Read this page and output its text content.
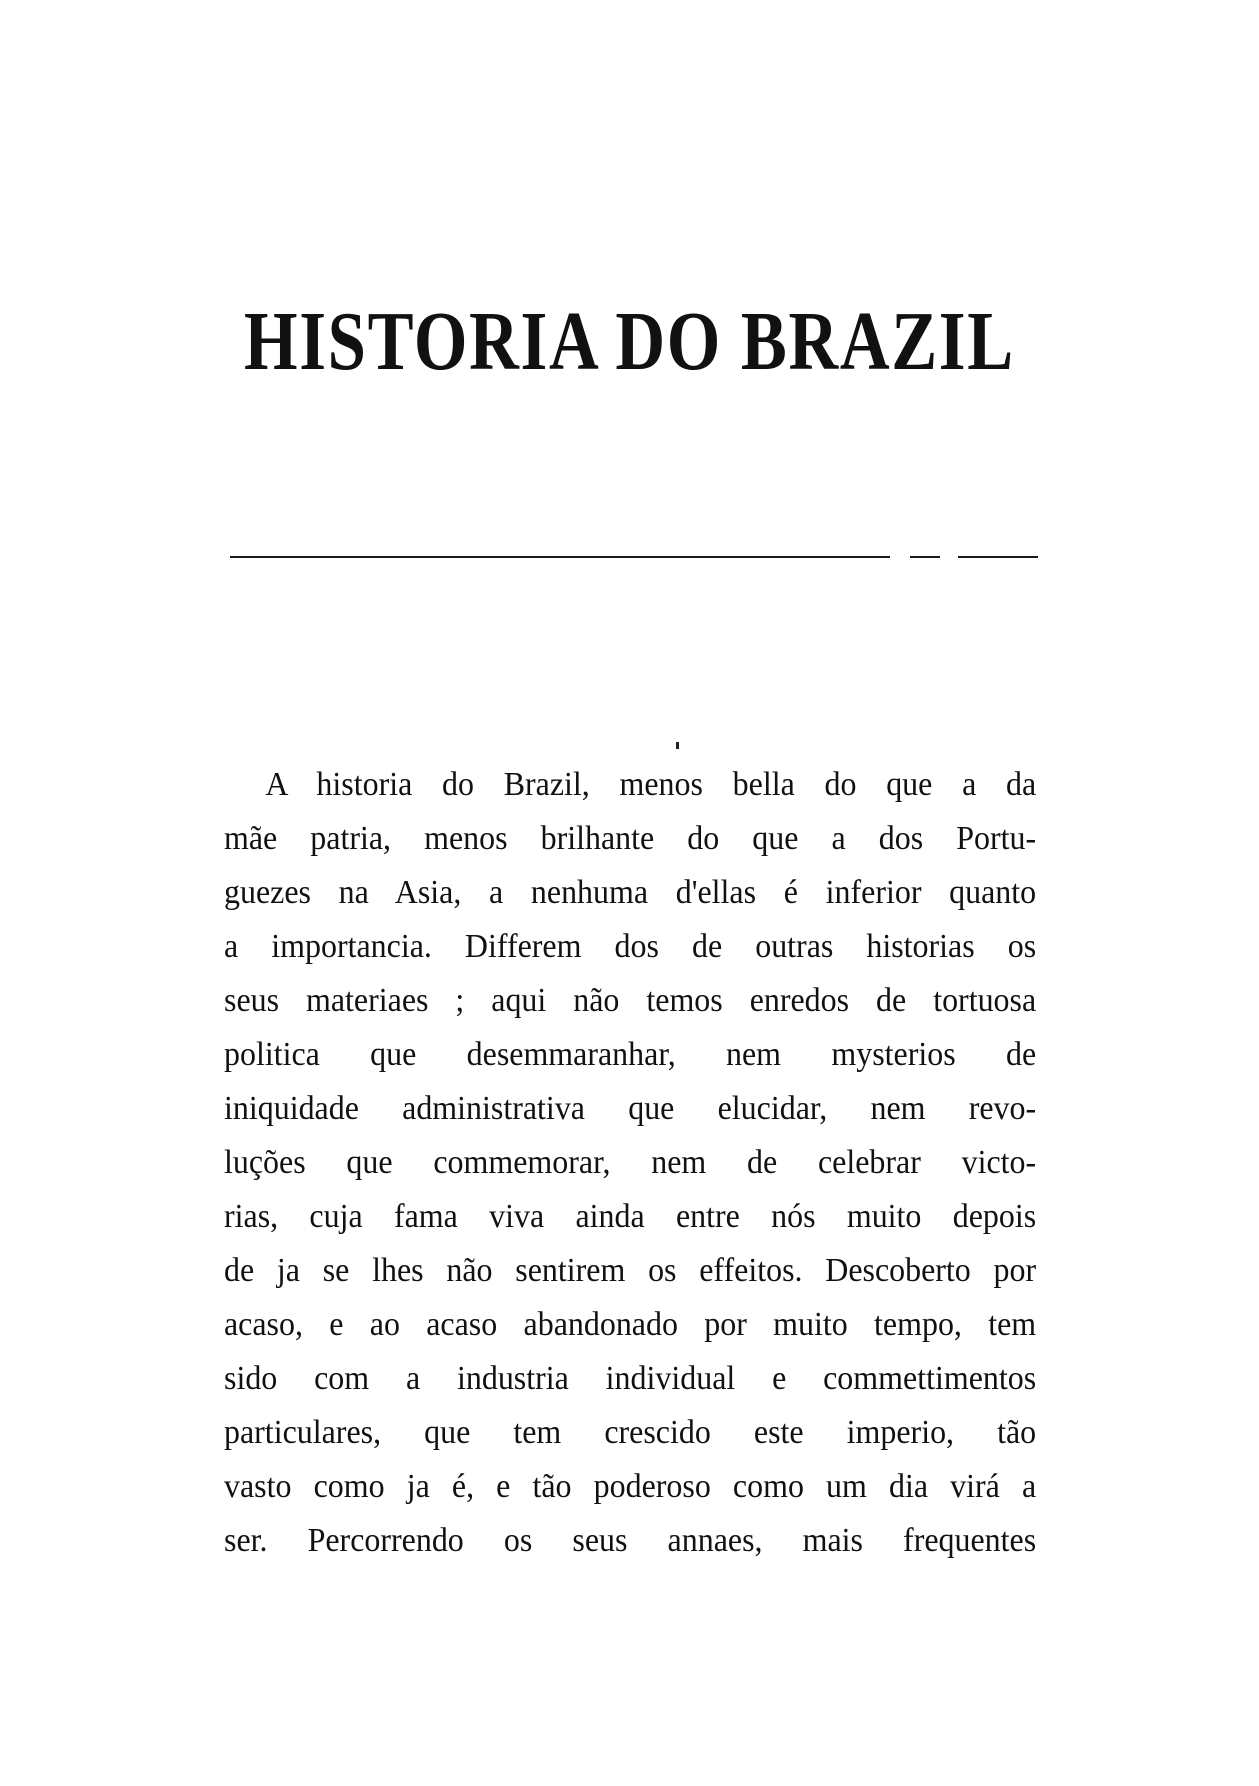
HISTORIA DO BRAZIL
A historia do Brazil, menos bella do que a da
mãe patria, menos brilhante do que a dos Portu-
guezes na Asia, a nenhuma d'ellas é inferior quanto
a importancia. Differem dos de outras historias os
seus materiaes ; aqui não temos enredos de tortuosa
politica que desemmaranhar, nem mysterios de
iniquidade administrativa que elucidar, nem revo-
luções que commemorar, nem de celebrar victo-
rias, cuja fama viva ainda entre nós muito depois
de ja se lhes não sentirem os effeitos. Descoberto por
acaso, e ao acaso abandonado por muito tempo, tem
sido com a industria individual e commettimentos
particulares, que tem crescido este imperio, tão
vasto como ja é, e tão poderoso como um dia virá a
ser. Percorrendo os seus annaes, mais frequentes
